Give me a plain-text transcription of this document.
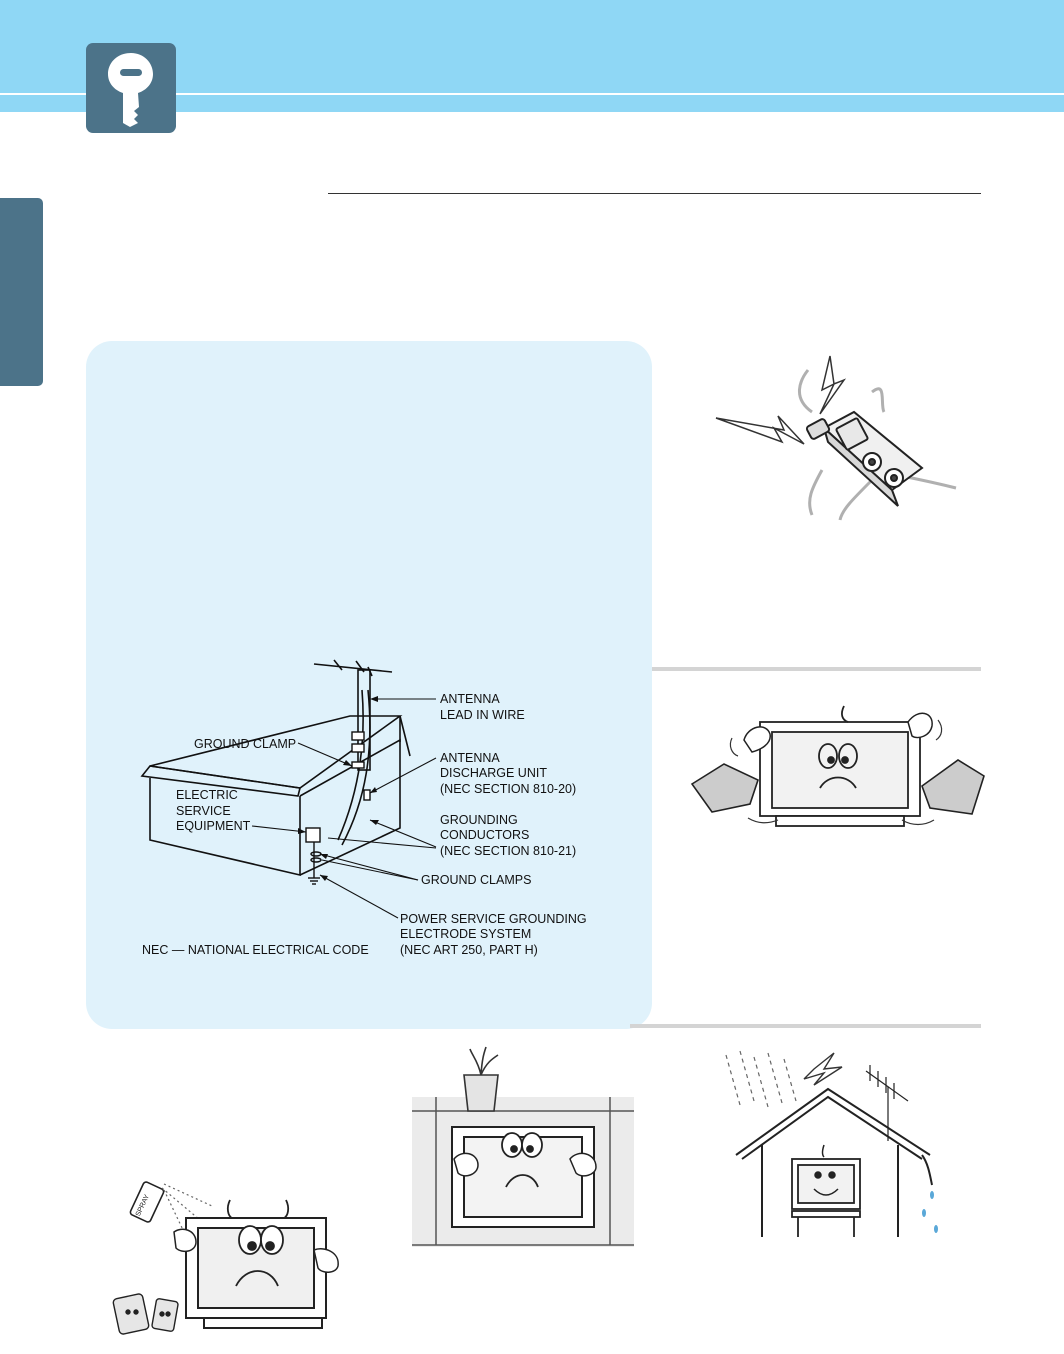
ANTENNA LEAD IN WIRE
GROUND CLAMP
ANTENNA DISCHARGE UNIT (NEC SECTION 810-20)
ELECTRIC SERVICE EQUIPMENT	GROUNDING CONDUCTORS (NEC SECTION 810-21)
GROUND CLAMPS
POWER SERVICE GROUNDING ELECTRODE SYSTEM (NEC ART 250, PART H)
NEC — NATIONAL ELECTRICAL CODE
SPRAY
